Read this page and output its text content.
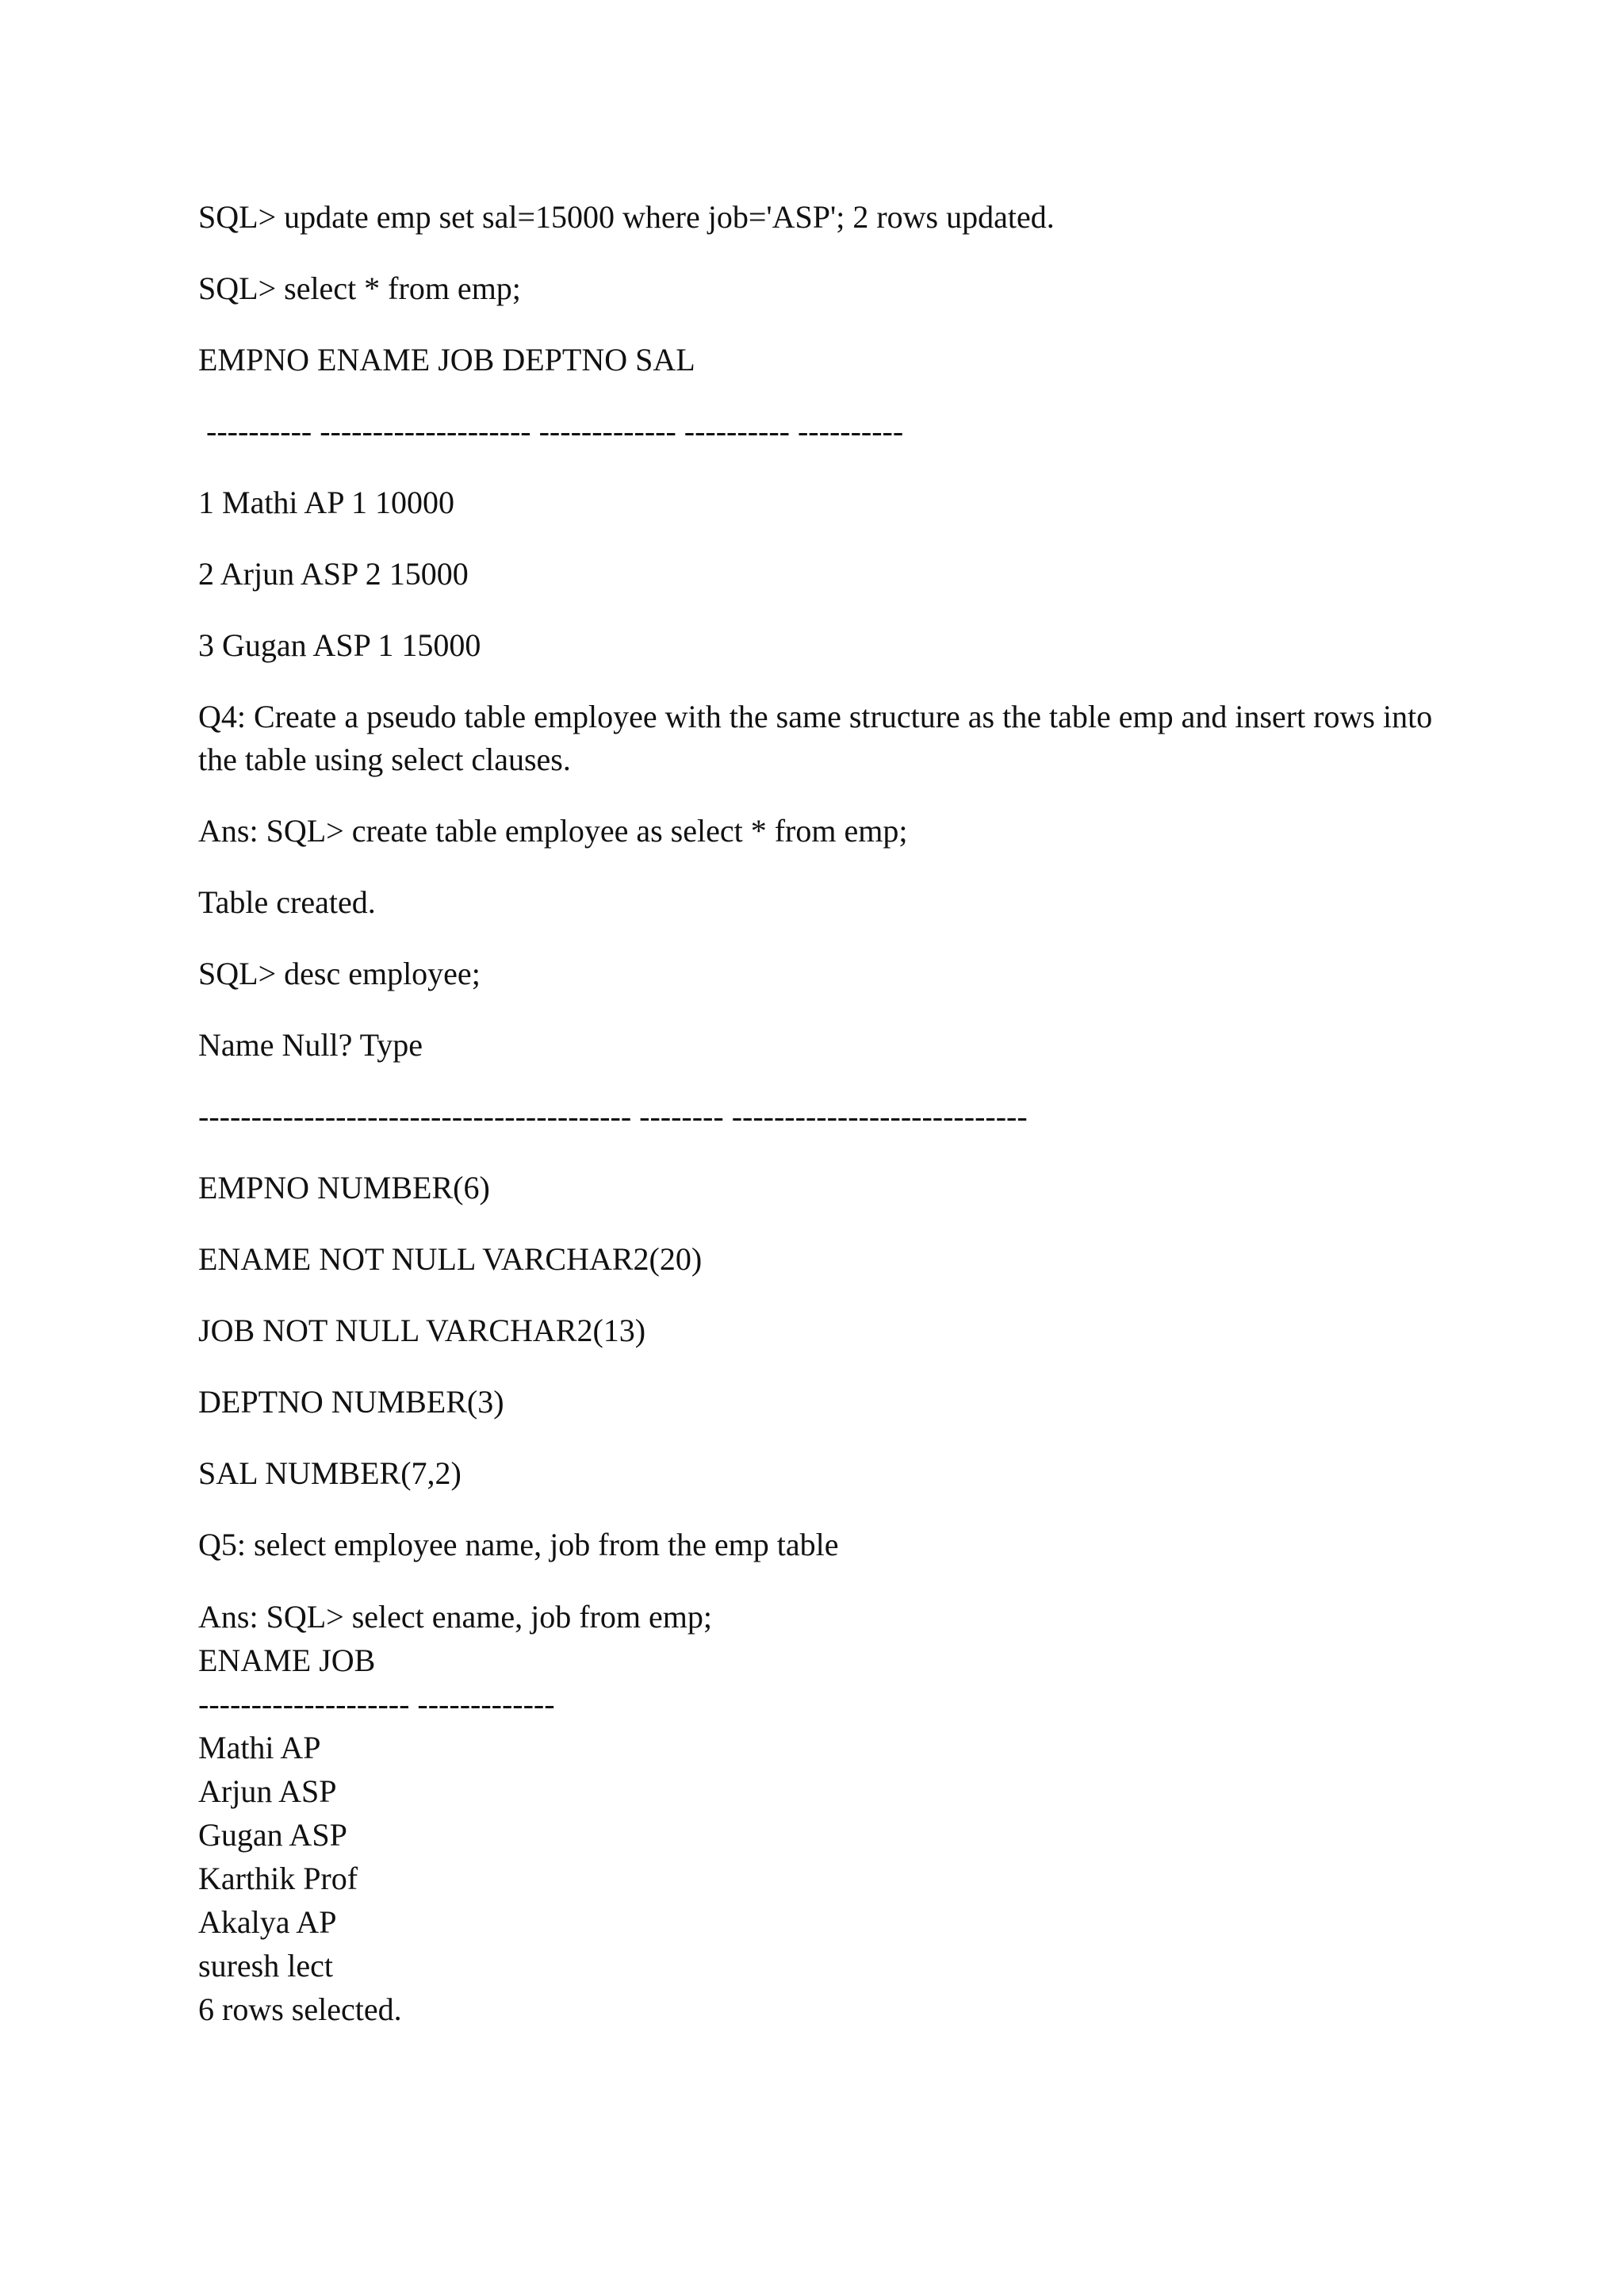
SQL> update emp set sal=15000 where job='ASP'; 2 rows updated.

SQL> select * from emp;

EMPNO ENAME JOB DEPTNO SAL

---------- -------------------- ------------- ---------- ----------

1 Mathi AP 1 10000

2 Arjun ASP 2 15000

3 Gugan ASP 1 15000

Q4: Create a pseudo table employee with the same structure as the table emp and insert rows into the table using select clauses.

Ans: SQL> create table employee as select * from emp;

Table created.

SQL> desc employee;

Name Null? Type

----------------------------------------- -------- ----------------------------

EMPNO NUMBER(6)

ENAME NOT NULL VARCHAR2(20)

JOB NOT NULL VARCHAR2(13)

DEPTNO NUMBER(3)

SAL NUMBER(7,2)

Q5: select employee name, job from the emp table

Ans: SQL> select ename, job from emp;

ENAME JOB

-------------------- -------------

Mathi AP

Arjun ASP

Gugan ASP

Karthik Prof

Akalya AP

suresh lect

6 rows selected.
